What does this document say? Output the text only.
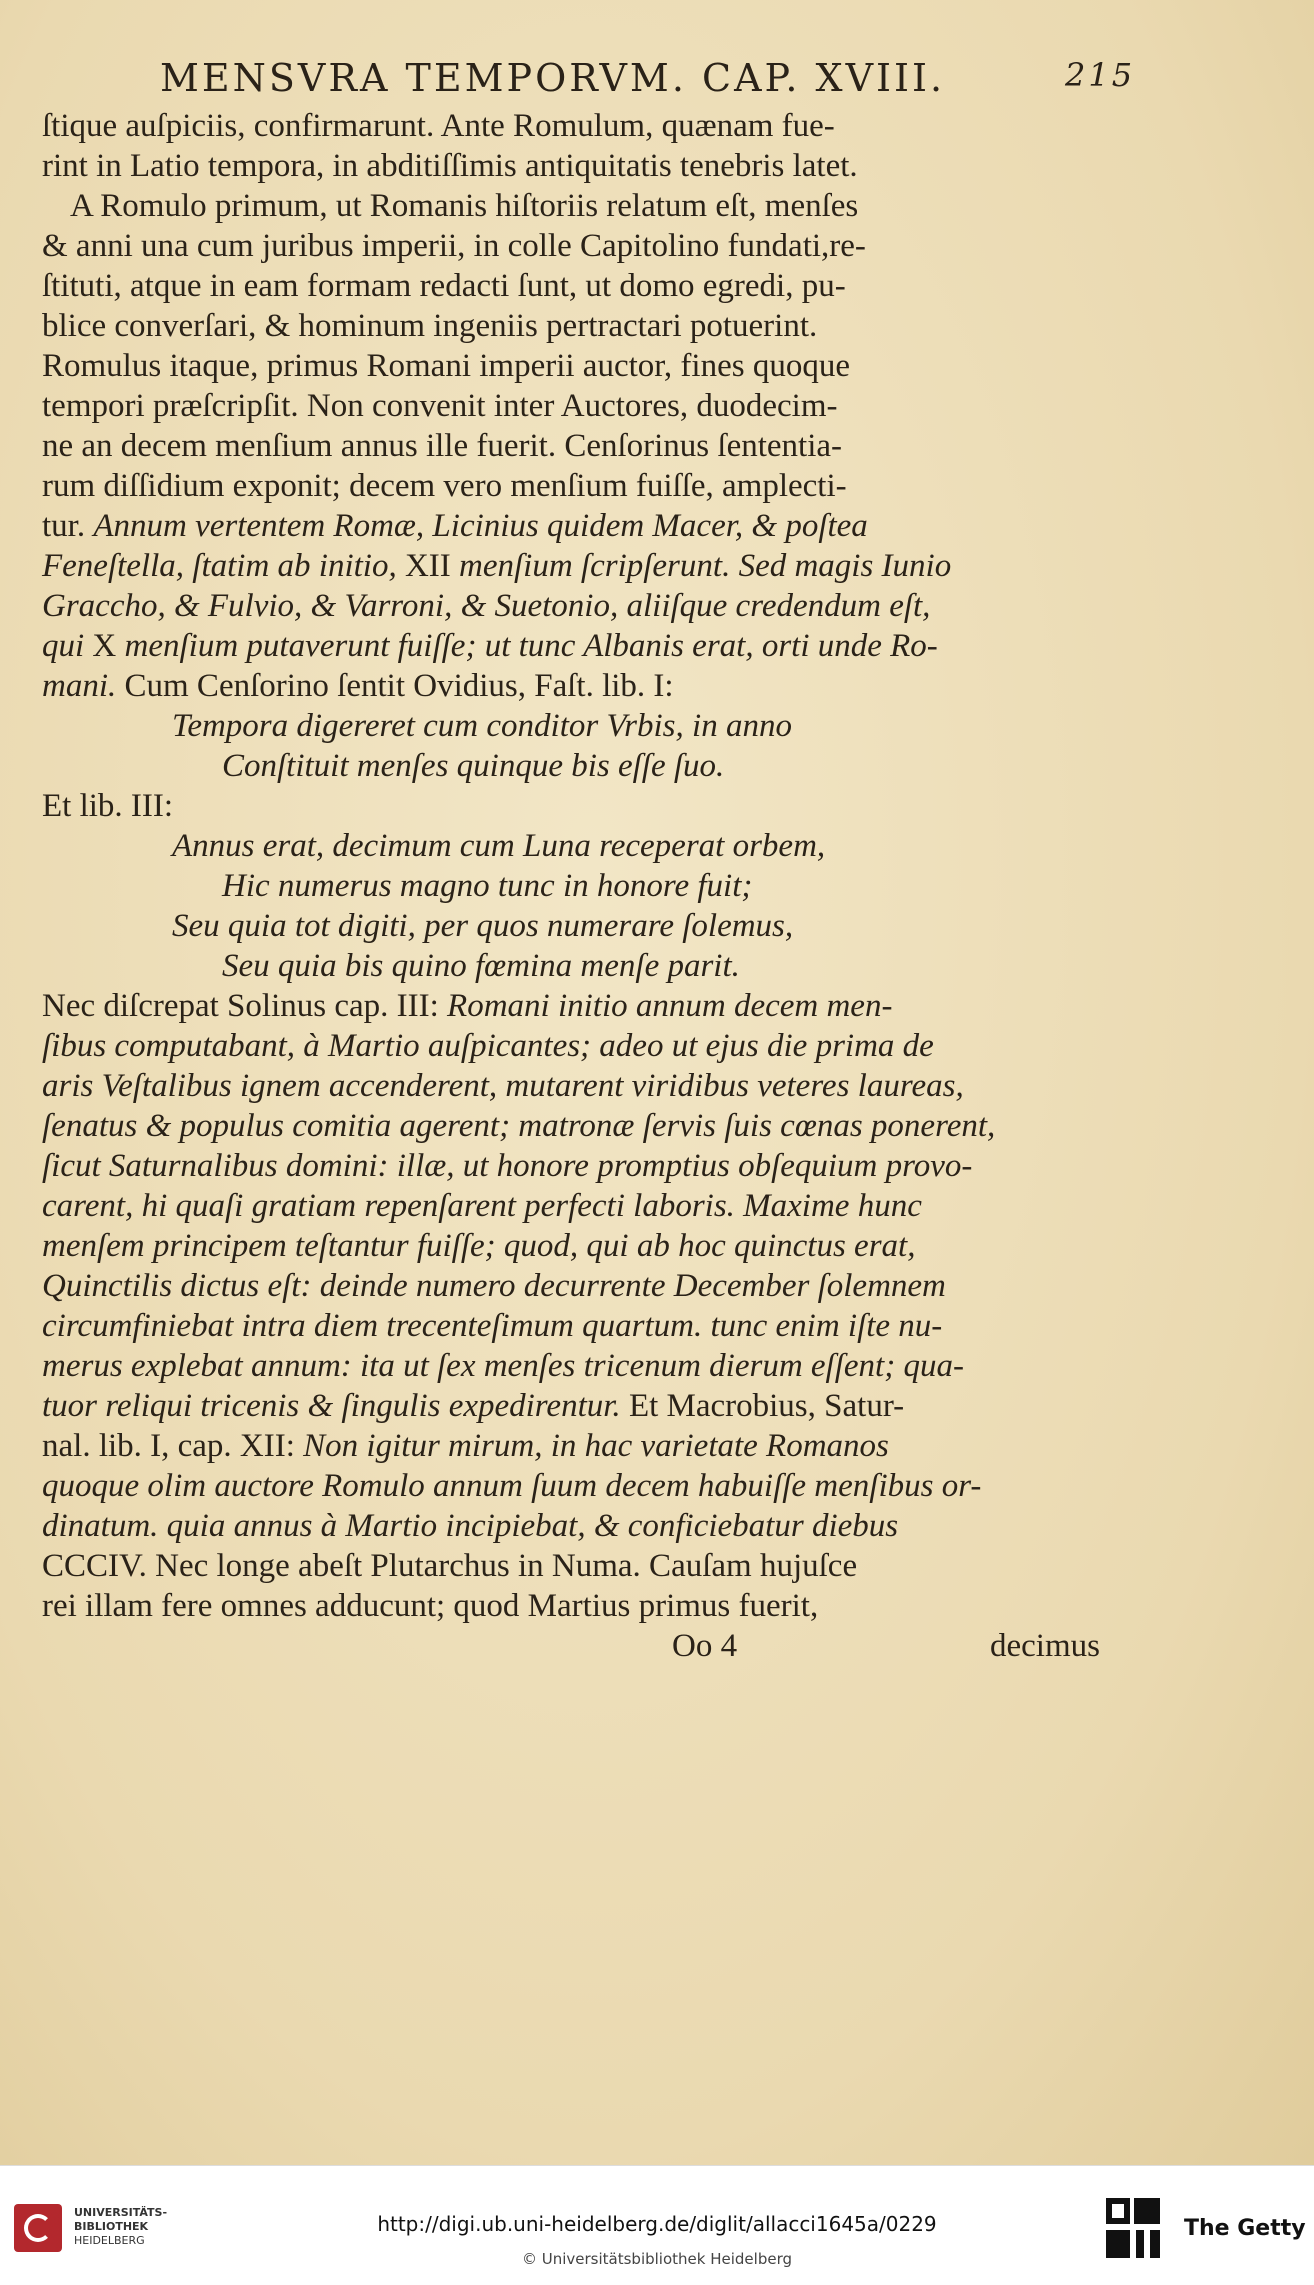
MENSVRA TEMPORVM. CAP. XVIII.	215
ſtique auſpiciis, confirmarunt. Ante Romulum, quænam fue-
rint in Latio tempora, in abditiſſimis antiquitatis tenebris latet.
A Romulo primum, ut Romanis hiſtoriis relatum eſt, menſes
& anni una cum juribus imperii, in colle Capitolino fundati,re-
ſtituti, atque in eam formam redacti ſunt, ut domo egredi, pu-
blice converſari, & hominum ingeniis pertractari potuerint.
Romulus itaque, primus Romani imperii auctor, fines quoque
tempori præſcripſit. Non convenit inter Auctores, duodecim-
ne an decem menſium annus ille fuerit. Cenſorinus ſententia-
rum diſſidium exponit; decem vero menſium fuiſſe, amplecti-
tur. Annum vertentem Romæ, Licinius quidem Macer, & poſtea
Feneſtella, ſtatim ab initio, XII menſium ſcripſerunt. Sed magis Iunio
Graccho, & Fulvio, & Varroni, & Suetonio, aliiſque credendum eſt,
qui X menſium putaverunt fuiſſe; ut tunc Albanis erat, orti unde Ro-
mani. Cum Cenſorino ſentit Ovidius, Faſt. lib. I:
Tempora digereret cum conditor Vrbis, in anno
Conſtituit menſes quinque bis eſſe ſuo.
Et lib. III:
Annus erat, decimum cum Luna receperat orbem,
Hic numerus magno tunc in honore fuit;
Seu quia tot digiti, per quos numerare ſolemus,
Seu quia bis quino fœmina menſe parit.
Nec diſcrepat Solinus cap. III: Romani initio annum decem men-
ſibus computabant, à Martio auſpicantes; adeo ut ejus die prima de
aris Veſtalibus ignem accenderent, mutarent viridibus veteres laureas,
ſenatus & populus comitia agerent; matronæ ſervis ſuis cœnas ponerent,
ſicut Saturnalibus domini: illæ, ut honore promptius obſequium provo-
carent, hi quaſi gratiam repenſarent perfecti laboris. Maxime hunc
menſem principem teſtantur fuiſſe; quod, qui ab hoc quinctus erat,
Quinctilis dictus eſt: deinde numero decurrente December ſolemnem
circumfiniebat intra diem trecenteſimum quartum. tunc enim iſte nu-
merus explebat annum: ita ut ſex menſes tricenum dierum eſſent; qua-
tuor reliqui tricenis & ſingulis expedirentur. Et Macrobius, Satur-
nal. lib. I, cap. XII: Non igitur mirum, in hac varietate Romanos
quoque olim auctore Romulo annum ſuum decem habuiſſe menſibus or-
dinatum. quia annus à Martio incipiebat, & conficiebatur diebus
CCCIV. Nec longe abeſt Plutarchus in Numa. Cauſam hujuſce
rei illam fere omnes adducunt; quod Martius primus fuerit,
Oo 4	decimus
UNIVERSITÄTS-
BIBLIOTHEK
HEIDELBERG
http://digi.ub.uni-heidelberg.de/diglit/allacci1645a/0229
© Universitätsbibliothek Heidelberg
The Getty
